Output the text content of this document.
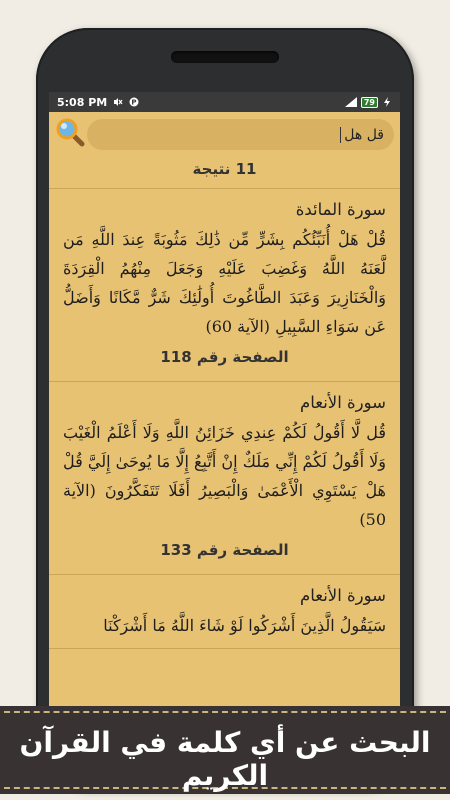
5:08 PM	P	79
قل هل
11 نتيجة
سورة المائدة
قُلْ هَلْ أُنَبِّئُكُم بِشَرٍّ مِّن ذَٰلِكَ مَثُوبَةً عِندَ اللَّهِ مَن لَّعَنَهُ اللَّهُ وَغَضِبَ عَلَيْهِ وَجَعَلَ مِنْهُمُ الْقِرَدَةَ وَالْخَنَازِيرَ وَعَبَدَ الطَّاغُوتَ أُولَٰئِكَ شَرٌّ مَّكَانًا وَأَضَلُّ عَن سَوَاءِ السَّبِيلِ (الآية 60)
الصفحة رقم 118
سورة الأنعام
قُل لَّا أَقُولُ لَكُمْ عِندِي خَزَائِنُ اللَّهِ وَلَا أَعْلَمُ الْغَيْبَ وَلَا أَقُولُ لَكُمْ إِنِّي مَلَكٌ إِنْ أَتَّبِعُ إِلَّا مَا يُوحَىٰ إِلَيَّ قُلْ هَلْ يَسْتَوِي الْأَعْمَىٰ وَالْبَصِيرُ أَفَلَا تَتَفَكَّرُونَ (الآية 50)
الصفحة رقم 133
سورة الأنعام
سَيَقُولُ الَّذِينَ أَشْرَكُوا لَوْ شَاءَ اللَّهُ مَا أَشْرَكْنَا
البحث عن أي كلمة في القرآن الكريم
